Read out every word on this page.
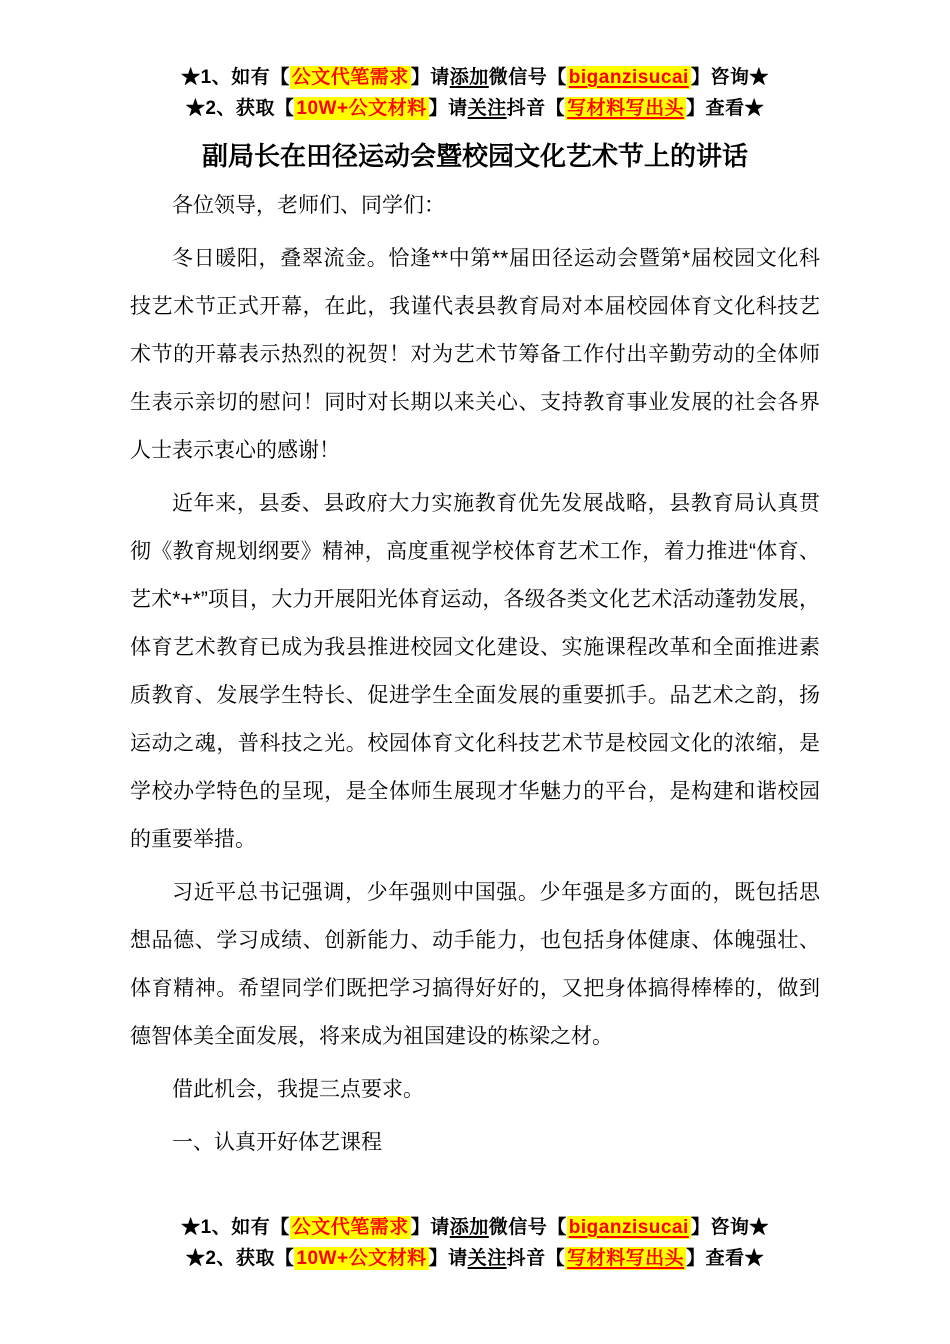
★1、如有【 公文代笔需求 】请添加微信号【 biganzisucai 】咨询★
★2、获取【 10W+公文材料 】请关注抖音【 写材料写出头 】查看★
副局长在田径运动会暨校园文化艺术节上的讲话

各位领导，老师们、同学们：

冬日暖阳，叠翠流金。恰逢**中第**届田径运动会暨第*届校园文化科技艺术节正式开幕，在此，我谨代表县教育局对本届校园体育文化科技艺术节的开幕表示热烈的祝贺！对为艺术节筹备工作付出辛勤劳动的全体师生表示亲切的慰问！同时对长期以来关心、支持教育事业发展的社会各界人士表示衷心的感谢！

近年来，县委、县政府大力实施教育优先发展战略，县教育局认真贯彻《教育规划纲要》精神，高度重视学校体育艺术工作，着力推进“体育、艺术*+*”项目，大力开展阳光体育运动，各级各类文化艺术活动蓬勃发展，体育艺术教育已成为我县推进校园文化建设、实施课程改革和全面推进素质教育、发展学生特长、促进学生全面发展的重要抓手。品艺术之韵，扬运动之魂，普科技之光。校园体育文化科技艺术节是校园文化的浓缩，是学校办学特色的呈现，是全体师生展现才华魅力的平台，是构建和谐校园的重要举措。

习近平总书记强调，少年强则中国强。少年强是多方面的，既包括思想品德、学习成绩、创新能力、动手能力，也包括身体健康、体魄强壮、体育精神。希望同学们既把学习搞得好好的，又把身体搞得棒棒的，做到德智体美全面发展，将来成为祖国建设的栋梁之材。

借此机会，我提三点要求。

一、认真开好体艺课程

★1、如有【 公文代笔需求 】请添加微信号【 biganzisucai 】咨询★
★2、获取【 10W+公文材料 】请关注抖音【 写材料写出头 】查看★
